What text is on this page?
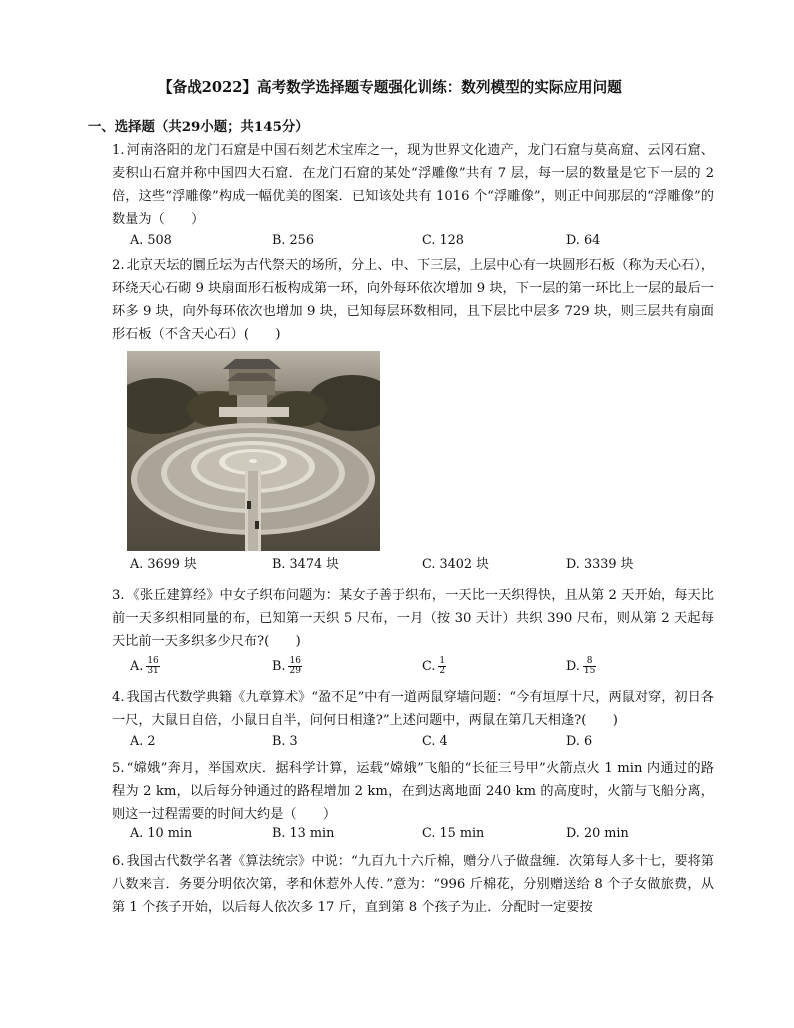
【备战2022】高考数学选择题专题强化训练：数列模型的实际应用问题
一、选择题（共29小题；共145分）
1. 河南洛阳的龙门石窟是中国石刻艺术宝库之一，现为世界文化遗产，龙门石窟与莫高窟、云冈石窟、麦积山石窟并称中国四大石窟．在龙门石窟的某处“浮雕像”共有 7 层，每一层的数量是它下一层的 2 倍，这些“浮雕像”构成一幅优美的图案．已知该处共有 1016 个“浮雕像”，则正中间那层的“浮雕像”的数量为（　　）
A. 508	B. 256	C. 128	D. 64
2. 北京天坛的圜丘坛为古代祭天的场所，分上、中、下三层，上层中心有一块圆形石板（称为天心石），环绕天心石砌 9 块扇面形石板构成第一环，向外每环依次增加 9 块，下一层的第一环比上一层的最后一环多 9 块，向外每环依次也增加 9 块，已知每层环数相同，且下层比中层多 729 块，则三层共有扇面形石板（不含天心石）(　　)
A. 3699 块	B. 3474 块	C. 3402 块	D. 3339 块
3. 《张丘建算经》中女子织布问题为：某女子善于织布，一天比一天织得快，且从第 2 天开始，每天比前一天多织相同量的布，已知第一天织 5 尺布，一月（按 30 天计）共织 390 尺布，则从第 2 天起每天比前一天多织多少尺布?(　　)
A. $\frac{16}{31}$	B. $\frac{16}{29}$	C. $\frac{1}{2}$	D. $\frac{8}{15}$
4. 我国古代数学典籍《九章算术》“盈不足”中有一道两鼠穿墙问题：“今有垣厚十尺，两鼠对穿，初日各一尺，大鼠日自倍，小鼠日自半，问何日相逢?”上述问题中，两鼠在第几天相逢?(　　)
A. 2	B. 3	C. 4	D. 6
5. “嫦娥”奔月，举国欢庆．据科学计算，运载“嫦娥”飞船的“长征三号甲”火箭点火 1 min 内通过的路程为 2 km，以后每分钟通过的路程增加 2 km，在到达离地面 240 km 的高度时，火箭与飞船分离，则这一过程需要的时间大约是（　　）
A. 10 min	B. 13 min	C. 15 min	D. 20 min
6. 我国古代数学名著《算法统宗》中说：“九百九十六斤棉，赠分八子做盘缠．次第每人多十七，要将第八数来言．务要分明依次第，孝和休惹外人传．”意为：“996 斤棉花，分别赠送给 8 个子女做旅费，从第 1 个孩子开始，以后每人依次多 17 斤，直到第 8 个孩子为止．分配时一定要按
